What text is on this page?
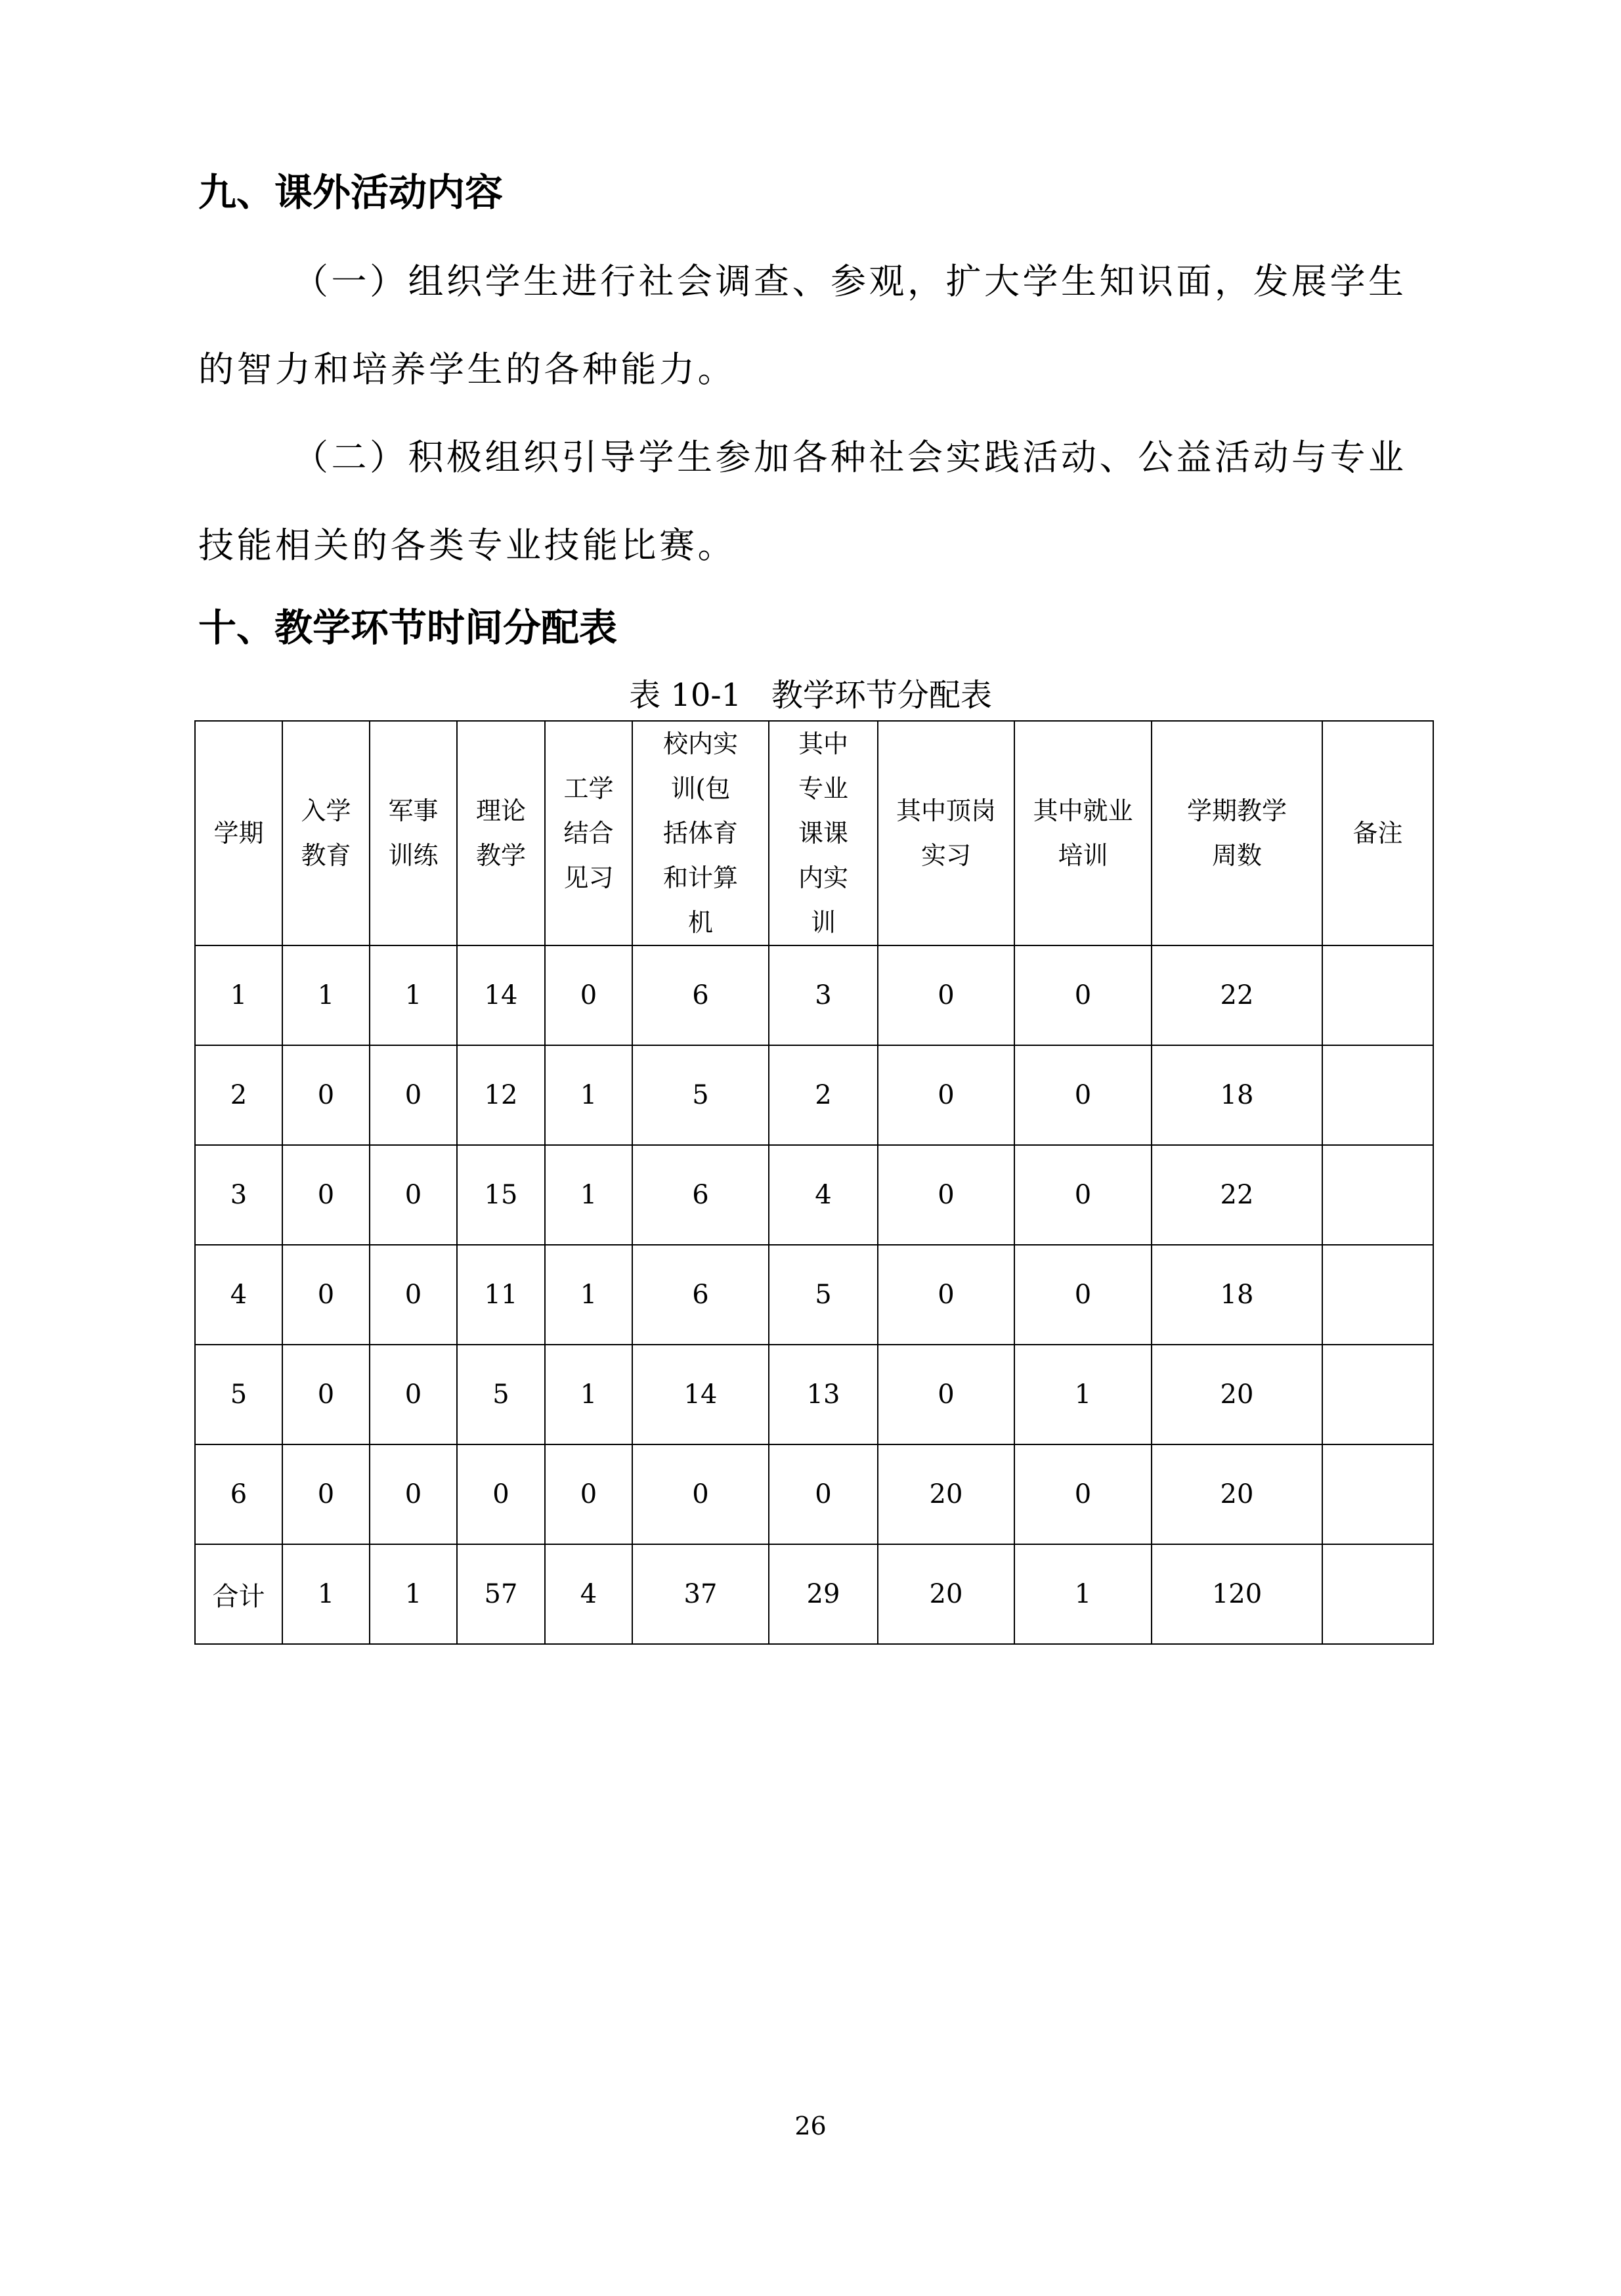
九、课外活动内容

（一）组织学生进行社会调查、参观，扩大学生知识面，发展学生的智力和培养学生的各种能力。

（二）积极组织引导学生参加各种社会实践活动、公益活动与专业技能相关的各类专业技能比赛。

十、教学环节时间分配表

表 10-1   教学环节分配表

学期	入学教育	军事训练	理论教学	工学结合见习	校内实训(包括体育和计算机	其中专业课课内实训	其中顶岗实习	其中就业培训	学期教学周数	备注
1	1	1	14	0	6	3	0	0	22	
2	0	0	12	1	5	2	0	0	18	
3	0	0	15	1	6	4	0	0	22	
4	0	0	11	1	6	5	0	0	18	
5	0	0	5	1	14	13	0	1	20	
6	0	0	0	0	0	0	20	0	20	
合计	1	1	57	4	37	29	20	1	120	

26
